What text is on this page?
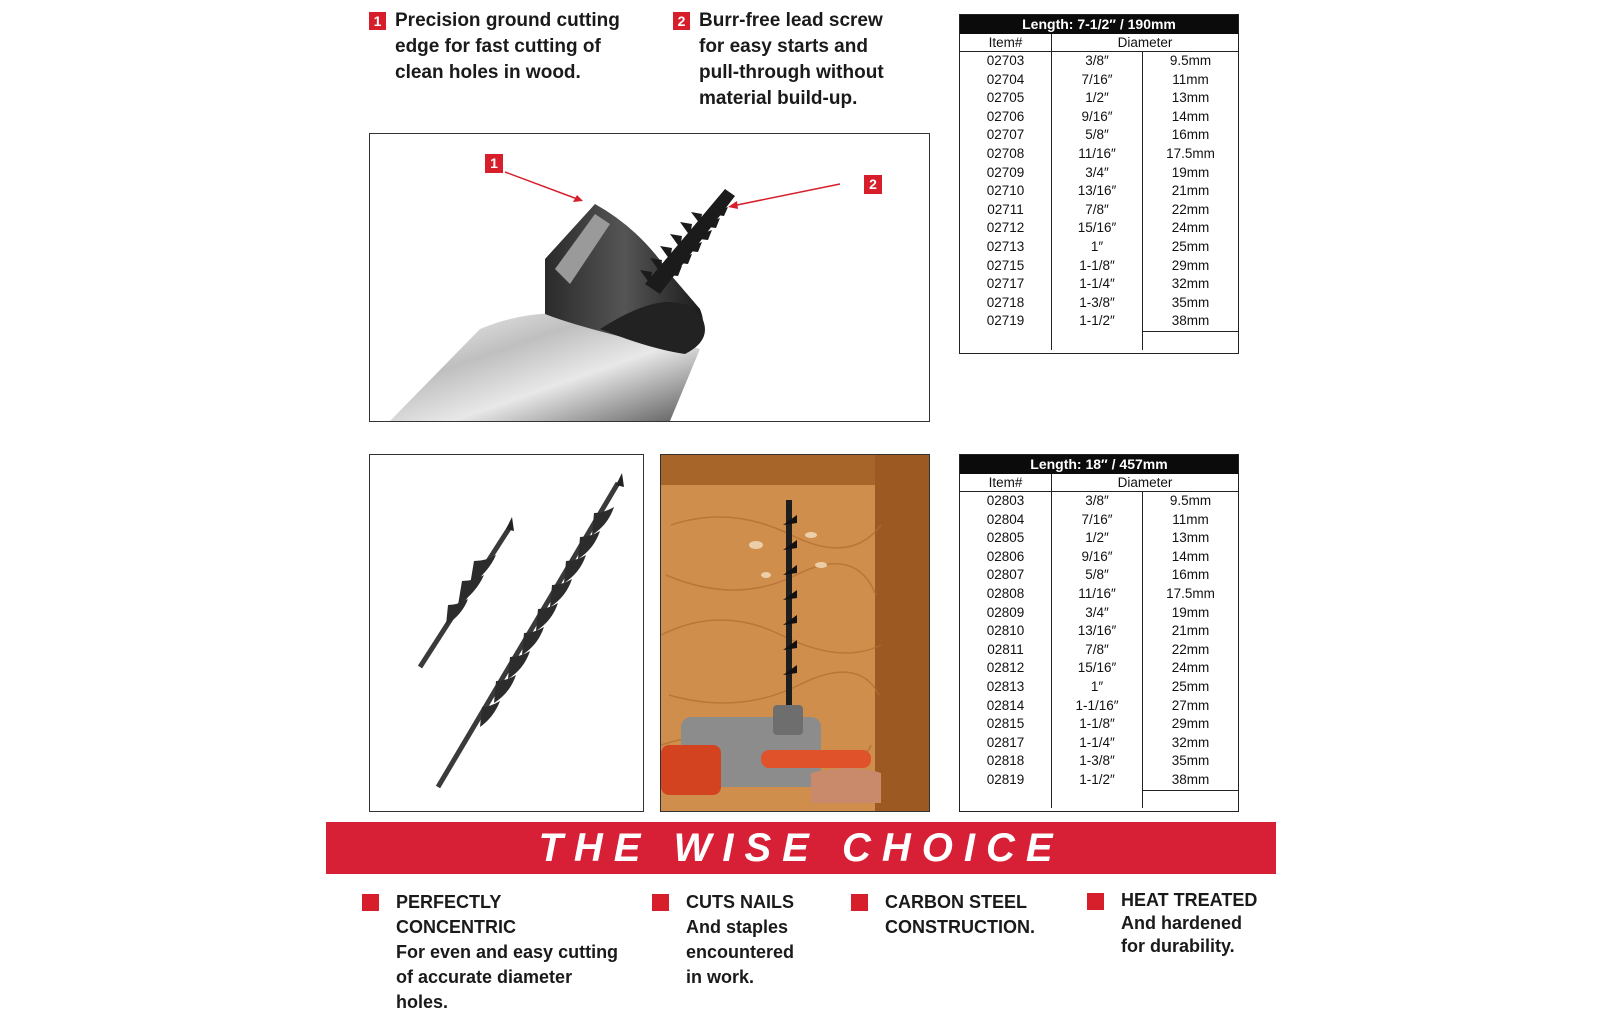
1 Precision ground cutting edge for fast cutting of clean holes in wood.
2 Burr-free lead screw for easy starts and pull-through without material build-up.
1
2
Length: 7-1/2″ / 190mm
Item#	Diameter
02703	3/8″	9.5mm
02704	7/16″	11mm
02705	1/2″	13mm
02706	9/16″	14mm
02707	5/8″	16mm
02708	11/16″	17.5mm
02709	3/4″	19mm
02710	13/16″	21mm
02711	7/8″	22mm
02712	15/16″	24mm
02713	1″	25mm
02715	1-1/8″	29mm
02717	1-1/4″	32mm
02718	1-3/8″	35mm
02719	1-1/2″	38mm
Length: 18″ / 457mm
Item#	Diameter
02803	3/8″	9.5mm
02804	7/16″	11mm
02805	1/2″	13mm
02806	9/16″	14mm
02807	5/8″	16mm
02808	11/16″	17.5mm
02809	3/4″	19mm
02810	13/16″	21mm
02811	7/8″	22mm
02812	15/16″	24mm
02813	1″	25mm
02814	1-1/16″	27mm
02815	1-1/8″	29mm
02817	1-1/4″	32mm
02818	1-3/8″	35mm
02819	1-1/2″	38mm
THE WISE CHOICE
PERFECTLY CONCENTRIC
For even and easy cutting
of accurate diameter
holes.
CUTS NAILS
And staples
encountered
in work.
CARBON STEEL
CONSTRUCTION.
HEAT TREATED
And hardened
for durability.
